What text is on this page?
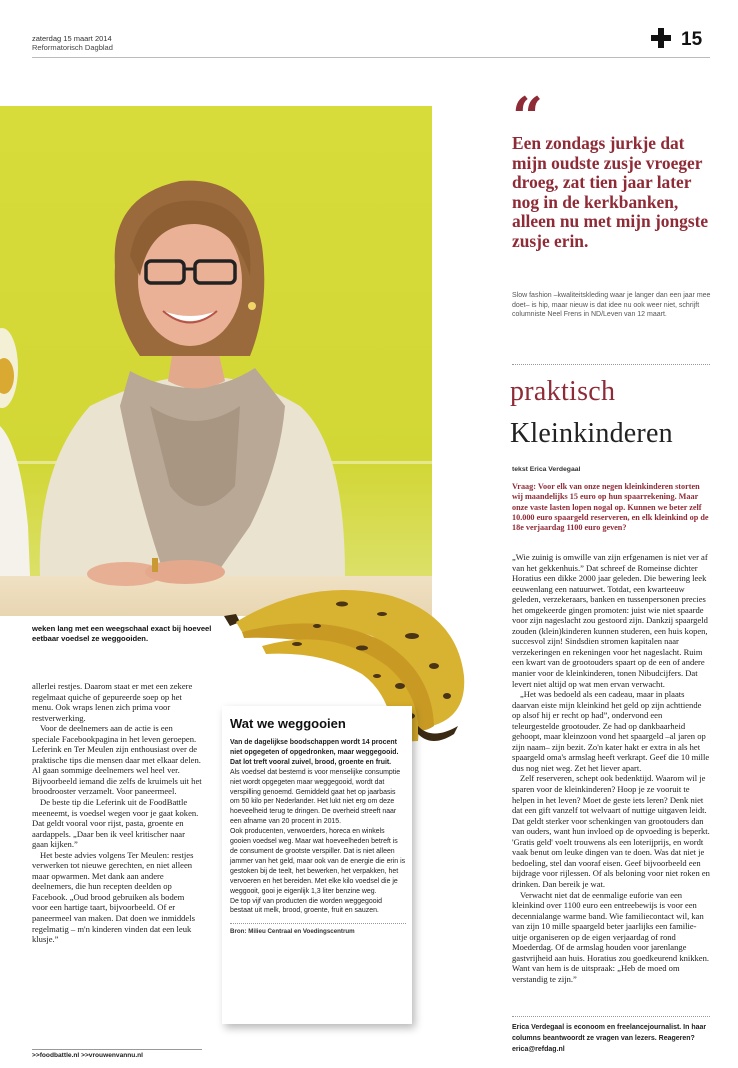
zaterdag 15 maart 2014
Reformatorisch Dagblad	15
weken lang met een weegschaal exact bij hoeveel eetbaar voedsel ze weggooiden.

allerlei restjes. Daarom staat er met een zekere regelmaat quiche of gepureerde soep op het menu. Ook wraps lenen zich prima voor restverwerking.

Voor de deelnemers aan de actie is een speciale Facebookpagina in het leven geroepen. Leferink en Ter Meulen zijn enthousiast over de praktische tips die mensen daar met elkaar delen. Al gaan sommige deelnemers wel heel ver. Bijvoorbeeld iemand die zelfs de kruimels uit het broodrooster verzamelt. Voor paneermeel.

De beste tip die Leferink uit de FoodBattle meeneemt, is voedsel wegen voor je gaat koken. Dat geldt vooral voor rijst, pasta, groente en aardappels. „Daar ben ik veel kritischer naar gaan kijken.”

Het beste advies volgens Ter Meulen: restjes verwerken tot nieuwe gerechten, en niet alleen maar opwarmen. Met dank aan andere deelnemers, die hun recepten deelden op Facebook. „Oud brood gebruiken als bodem voor een hartige taart, bijvoorbeeld. Of er paneermeel van maken. Dat doen we inmiddels regelmatig – m'n kinderen vinden dat een leuk klusje.”

>>foodbattle.nl >>vrouwenvannu.nl
Wat we weggooien

Van de dagelijkse boodschappen wordt 14 procent niet opgegeten of opgedronken, maar weggegooid. Dat lot treft vooral zuivel, brood, groente en fruit.

Als voedsel dat bestemd is voor menselijke consumptie niet wordt opgegeten maar weggegooid, wordt dat verspilling genoemd. Gemiddeld gaat het op jaarbasis om 50 kilo per Nederlander. Het lukt niet erg om deze hoeveelheid terug te dringen. De overheid streeft naar een afname van 20 procent in 2015.

Ook producenten, verwoerders, horeca en winkels gooien voedsel weg. Maar wat hoeveelheden betreft is de consument de grootste verspiller. Dat is niet alleen jammer van het geld, maar ook van de energie die erin is gestoken bij de teelt, het bewerken, het verpakken, het vervoeren en het bereiden. Met elke kilo voedsel die je weggooit, gooi je eigenlijk 1,3 liter benzine weg.

De top vijf van producten die worden weggegooid bestaat uit melk, brood, groente, fruit en sauzen.

Bron: Milieu Centraal en Voedingscentrum
“
Een zondags jurkje dat mijn oudste zusje vroeger droeg, zat tien jaar later nog in de kerkbanken, alleen nu met mijn jongste zusje erin.
Slow fashion –kwaliteitskleding waar je langer dan een jaar mee doet– is hip, maar nieuw is dat idee nu ook weer niet, schrijft columniste Neel Frens in ND/Leven van 12 maart.
praktisch
Kleinkinderen
tekst Erica Verdegaal
Vraag: Voor elk van onze negen kleinkinderen storten wij maandelijks 15 euro op hun spaarrekening. Maar onze vaste lasten lopen nogal op. Kunnen we beter zelf 10.000 euro spaargeld reserveren, en elk kleinkind op de 18e verjaardag 1100 euro geven?

„Wie zuinig is omwille van zijn erfgenamen is niet ver af van het gekkenhuis.” Dat schreef de Romeinse dichter Horatius een dikke 2000 jaar geleden. Die bewering leek eeuwenlang een natuurwet. Totdat, een kwarteeuw geleden, verzekeraars, banken en tussenpersonen precies het omgekeerde gingen promoten: juist wie niet spaarde voor zijn nageslacht zou gestoord zijn. Dankzij spaargeld zouden (klein)kinderen kunnen studeren, een huis kopen, succesvol zijn! Sindsdien stromen kapitalen naar verzekeringen en rekeningen voor het nageslacht. Ruim een kwart van de grootouders spaart op de een of andere manier voor de kleinkinderen, tonen Nibudcijfers. Dat levert niet altijd op wat men ervan verwacht.

„Het was bedoeld als een cadeau, maar in plaats daarvan eiste mijn kleinkind het geld op zijn achttiende op alsof hij er recht op had”, ondervond een teleurgestelde grootouder. Ze had op dankbaarheid gehoopt, maar kleinzoon vond het spaargeld –al jaren op zijn naam– zijn bezit. Zo'n kater hakt er extra in als het spaargeld oma's armslag heeft verkrapt. Geef die 10 mille dus nog niet weg. Zet het liever apart.

Zelf reserveren, schept ook bedenktijd. Waarom wil je sparen voor de kleinkinderen? Hoop je ze vooruit te helpen in het leven? Moet de geste iets leren? Denk niet dat een gift vanzelf tot welvaart of nuttige uitgaven leidt. Dat geldt sterker voor schenkingen van grootouders dan van ouders, want hun invloed op de opvoeding is beperkt. 'Gratis geld' voelt trouwens als een loterijprijs, en wordt vaak benut om leuke dingen van te doen. Was dat niet je bedoeling, stel dan vooraf eisen. Geef bijvoorbeeld een bijdrage voor rijlessen. Of als beloning voor niet roken en drinken. Dan bereik je wat.

Verwacht niet dat de eenmalige euforie van een kleinkind over 1100 euro een entreebewijs is voor een decennialange warme band. Wie familiecontact wil, kan van zijn 10 mille spaargeld beter jaarlijks een familie-uitje organiseren op de eigen verjaardag of rond Moederdag. Of de armslag houden voor jarenlange gastvrijheid aan huis. Horatius zou goedkeurend knikken. Want van hem is de uitspraak: „Heb de moed om verstandig te zijn.”

Erica Verdegaal is econoom en freelancejournalist. In haar columns beantwoordt ze vragen van lezers. Reageren? erica@refdag.nl
